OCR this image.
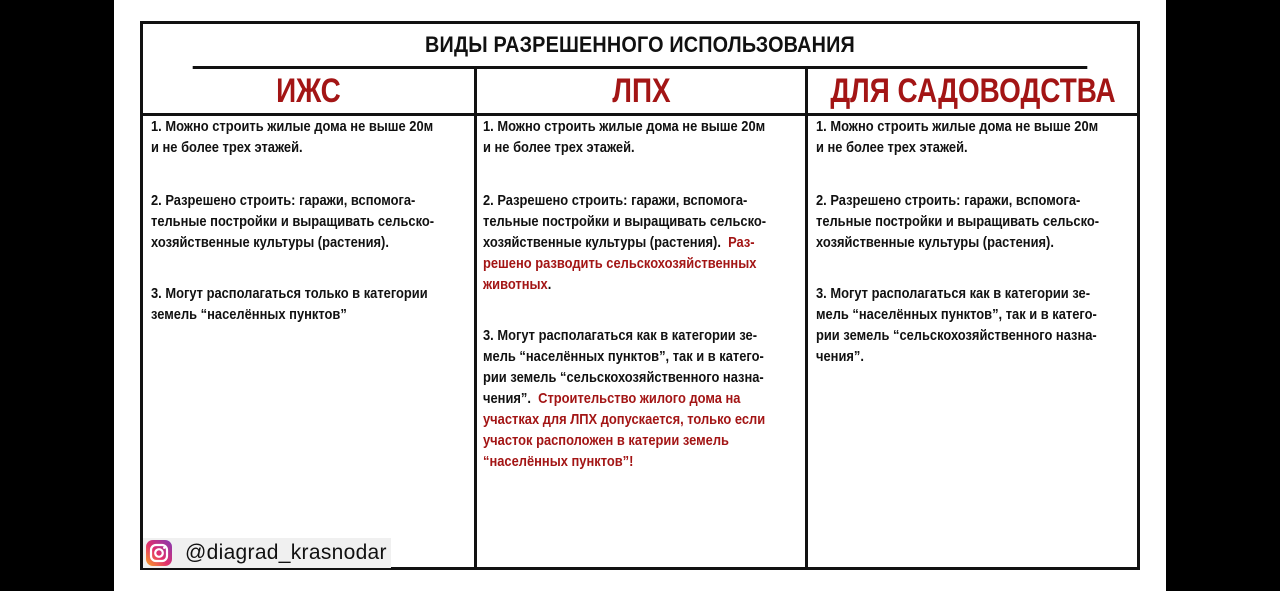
ВИДЫ РАЗРЕШЕННОГО ИСПОЛЬЗОВАНИЯ
ИЖС	ЛПХ	ДЛЯ САДОВОДСТВА

1. Можно строить жилые дома не выше 20м

и не более трех этажей.

2. Разрешено строить: гаражи, вспомога-

тельные постройки и выращивать сельско-

хозяйственные культуры (растения).

3. Могут располагаться только в категории

земель “населённых пунктов”

1. Можно строить жилые дома не выше 20м

и не более трех этажей.

2. Разрешено строить: гаражи, вспомога-

тельные постройки и выращивать сельско-

хозяйственные культуры (растения). Раз-

решено разводить сельскохозяйственных

животных.

3. Могут располагаться как в категории зе-

мель “населённых пунктов”, так и в катего-

рии земель “сельскохозяйственного назна-

чения”. Строительство жилого дома на

участках для ЛПХ допускается, только если

участок расположен в катерии земель

“населённых пунктов”!

1. Можно строить жилые дома не выше 20м

и не более трех этажей.

2. Разрешено строить: гаражи, вспомога-

тельные постройки и выращивать сельско-

хозяйственные культуры (растения).

3. Могут располагаться как в категории зе-

мель “населённых пунктов”, так и в катего-

рии земель “сельскохозяйственного назна-

чения”.

@diagrad_krasnodar
